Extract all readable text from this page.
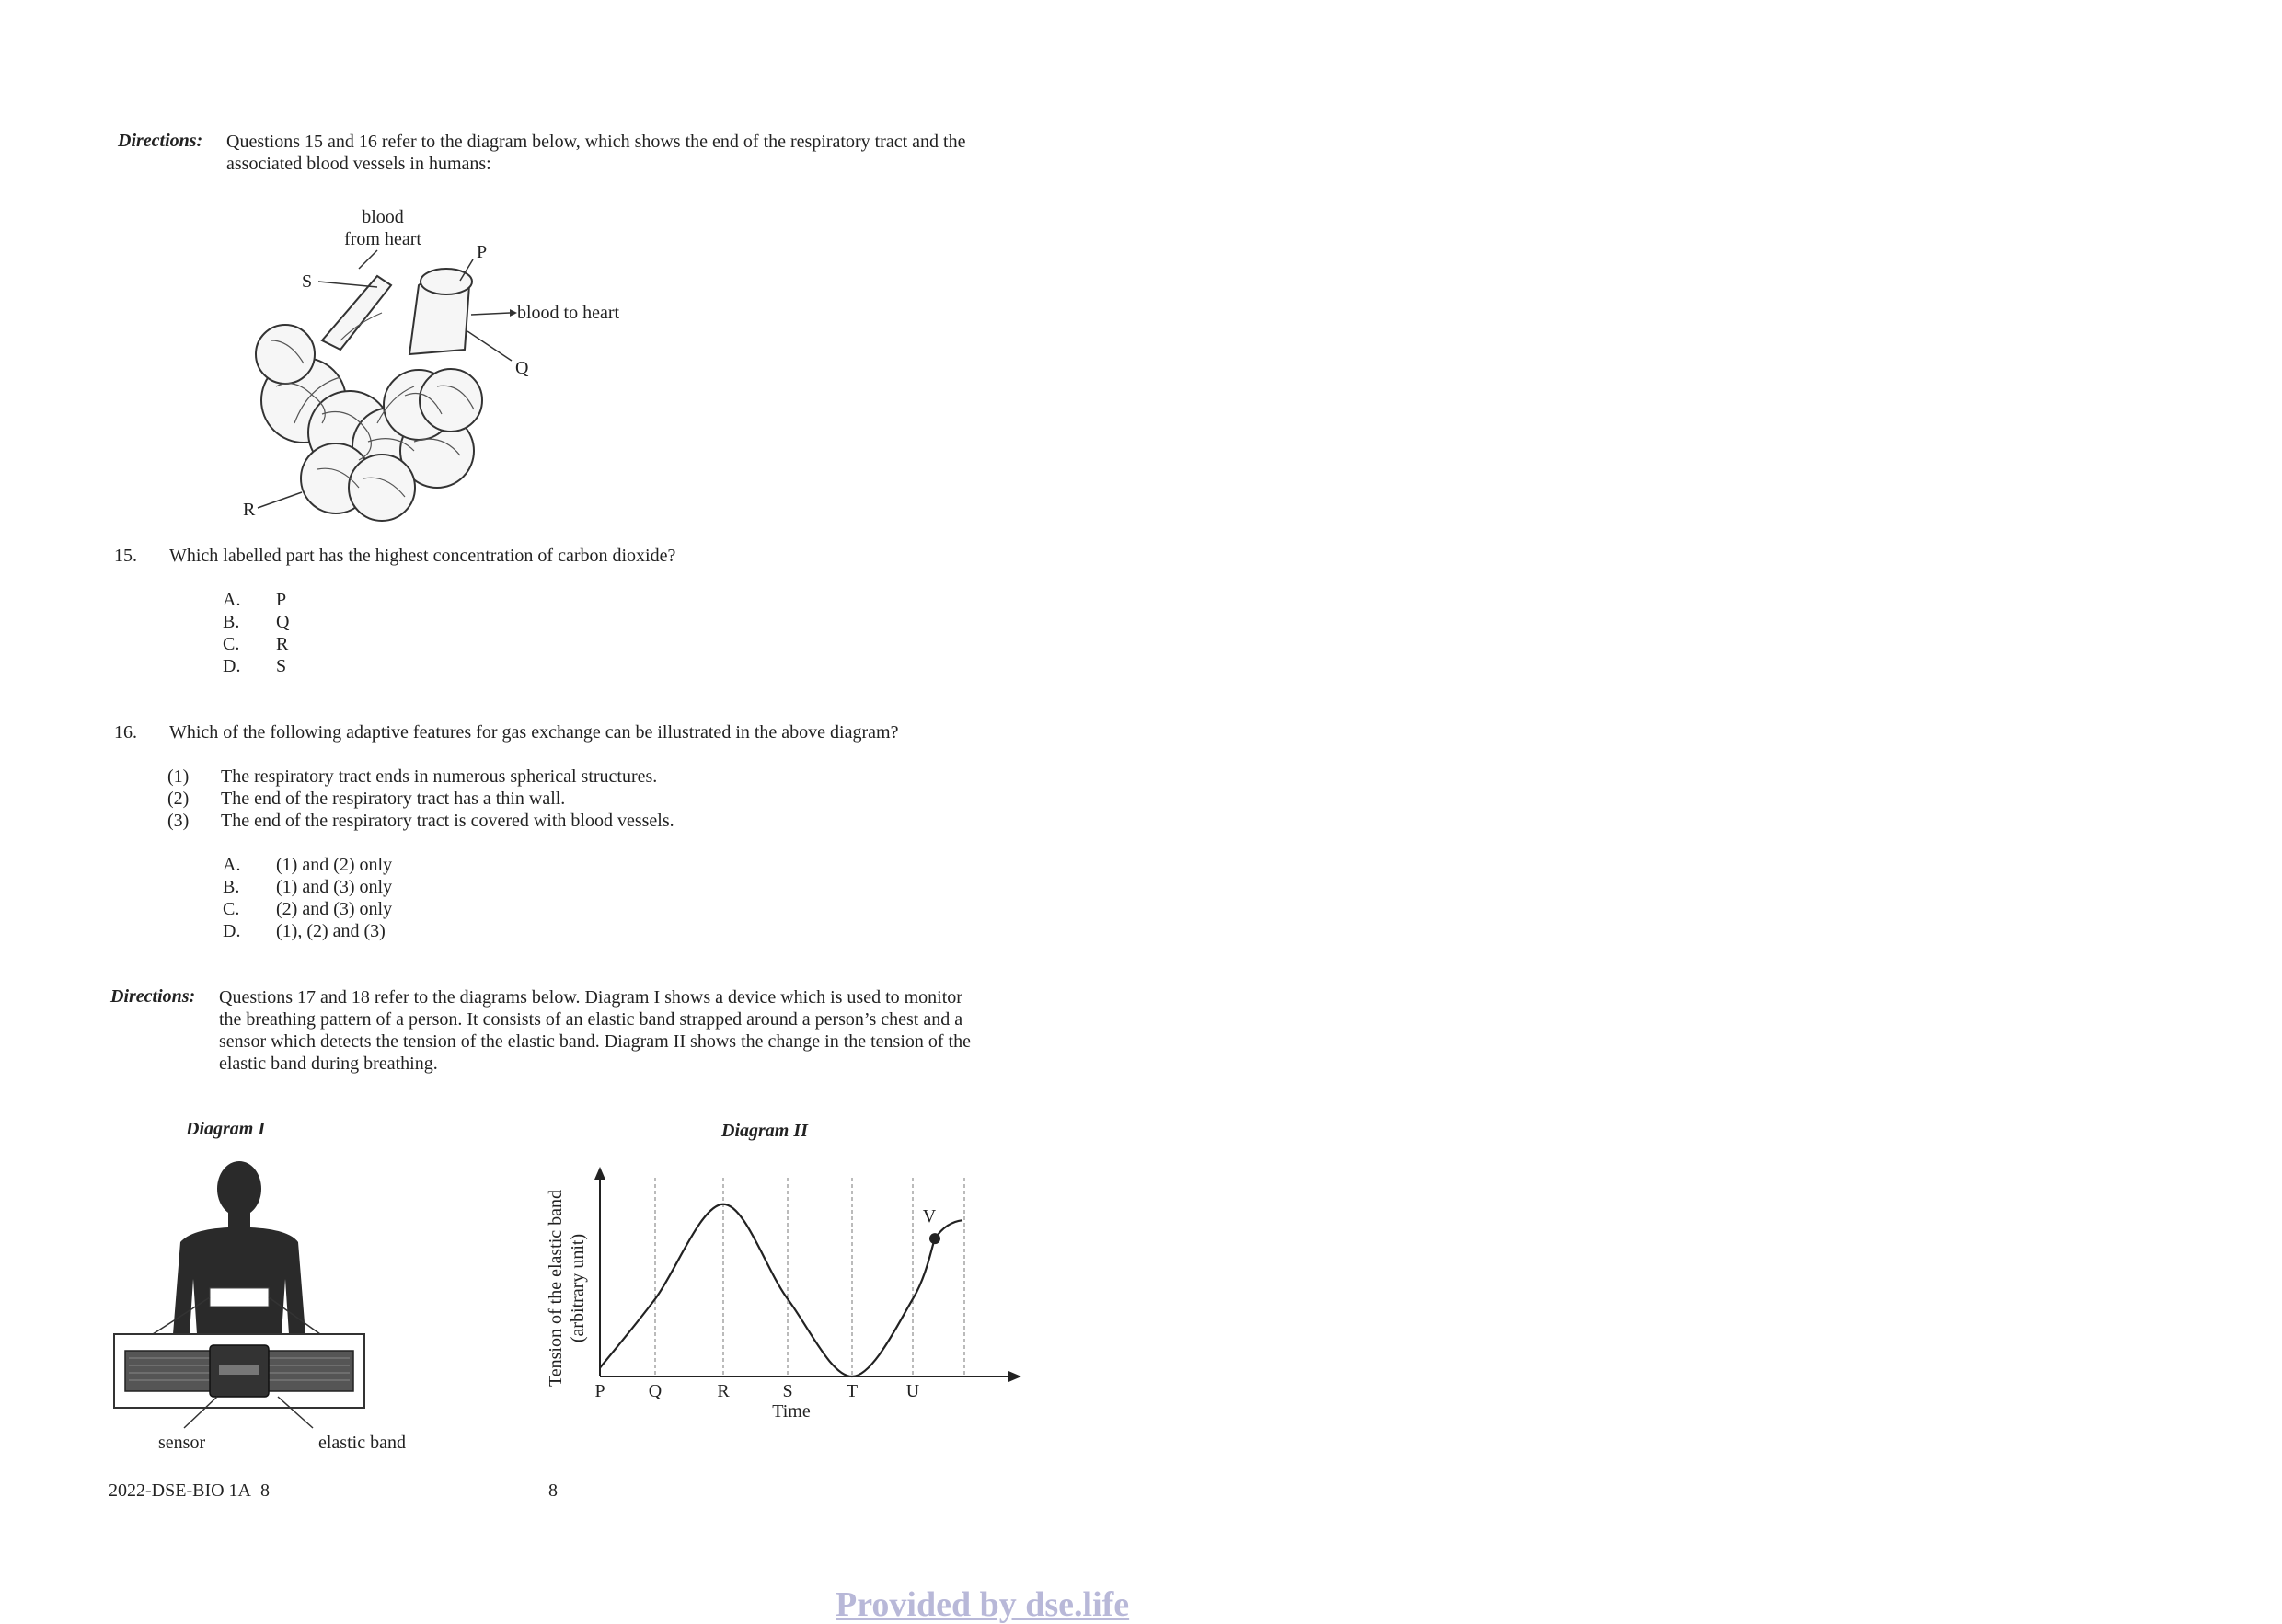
Directions: Questions 15 and 16 refer to the diagram below, which shows the end of the respiratory tract and the
associated blood vessels in humans:
blood
from heart
P
S
blood to heart
Q
R
15. Which labelled part has the highest concentration of carbon dioxide?
A.	P
B.	Q
C.	R
D.	S
16. Which of the following adaptive features for gas exchange can be illustrated in the above diagram?
(1)	The respiratory tract ends in numerous spherical structures.
(2)	The end of the respiratory tract has a thin wall.
(3)	The end of the respiratory tract is covered with blood vessels.
A.	(1) and (2) only
B.	(1) and (3) only
C.	(2) and (3) only
D.	(1), (2) and (3)
Directions: Questions 17 and 18 refer to the diagrams below. Diagram I shows a device which is used to monitor
the breathing pattern of a person. It consists of an elastic band strapped around a person’s chest and a
sensor which detects the tension of the elastic band. Diagram II shows the change in the tension of the
elastic band during breathing.
Diagram I
sensor	elastic band
Diagram II
Tension of the elastic band (arbitrary unit)
P Q	R	S	T	U
V
Time
2022-DSE-BIO 1A–8	8
Provided by dse.life
